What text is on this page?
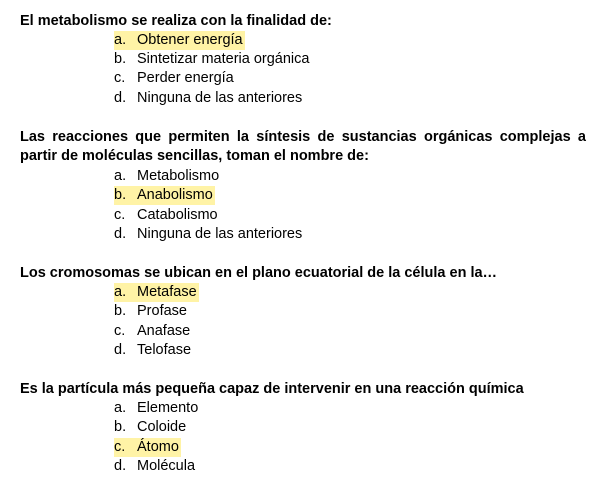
El metabolismo se realiza con la finalidad de:
a. Obtener energía
b. Sintetizar materia orgánica
c. Perder energía
d. Ninguna de las anteriores
Las reacciones que permiten la síntesis de sustancias orgánicas complejas a partir de moléculas sencillas, toman el nombre de:
a. Metabolismo
b. Anabolismo
c. Catabolismo
d. Ninguna de las anteriores
Los cromosomas se ubican en el plano ecuatorial de la célula en la…
a. Metafase
b. Profase
c. Anafase
d. Telofase
Es la partícula más pequeña capaz de intervenir en una reacción química
a. Elemento
b. Coloide
c. Átomo
d. Molécula
